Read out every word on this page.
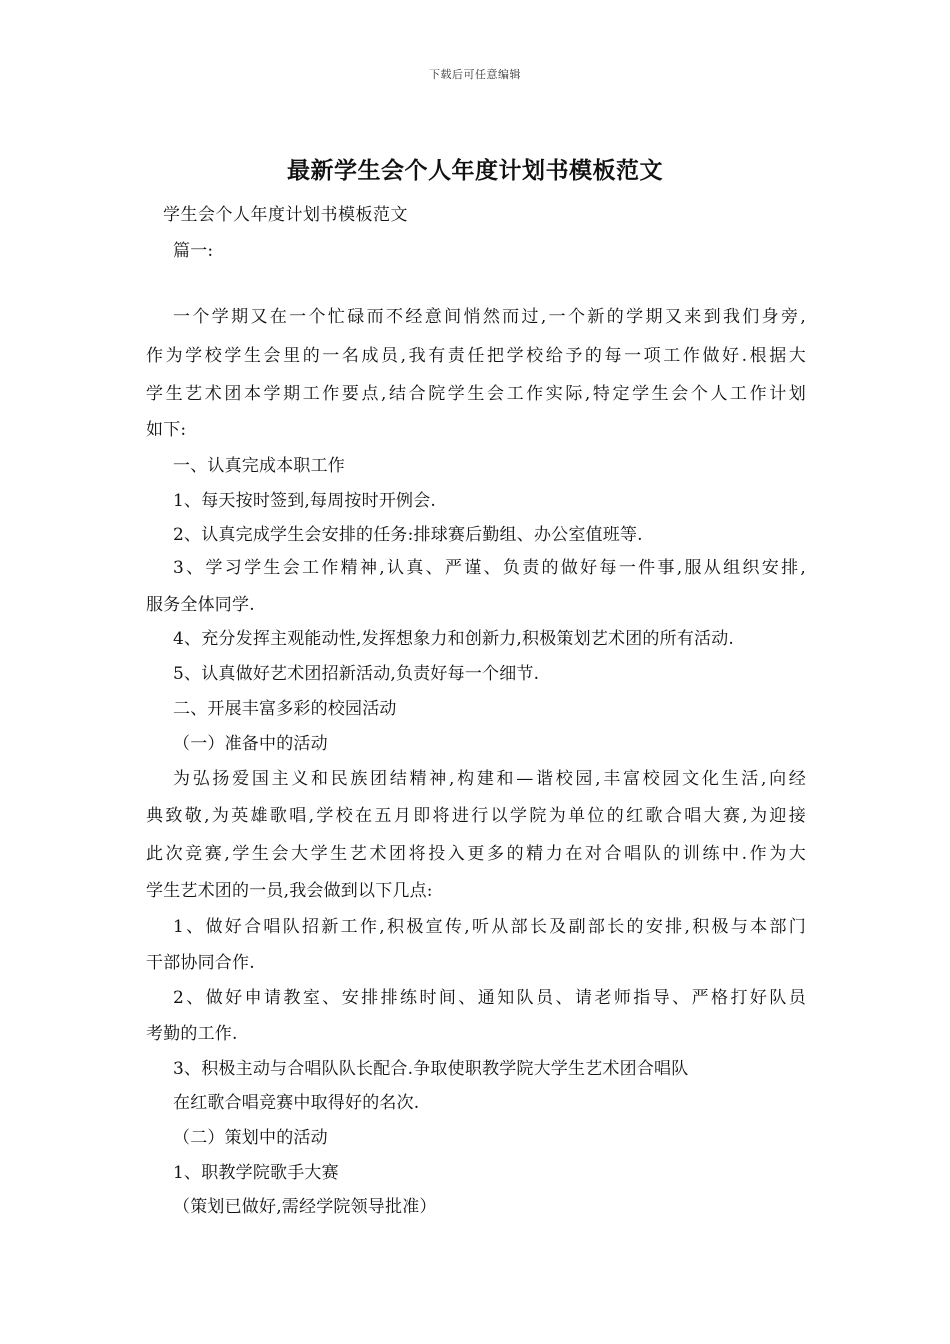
下载后可任意编辑
最新学生会个人年度计划书模板范文
学生会个人年度计划书模板范文
篇一:
一个学期又在一个忙碌而不经意间悄然而过,一个新的学期又来到我们身旁,
作为学校学生会里的一名成员,我有责任把学校给予的每一项工作做好.根据大
学生艺术团本学期工作要点,结合院学生会工作实际,特定学生会个人工作计划
如下:
一、认真完成本职工作
1、每天按时签到,每周按时开例会.
2、认真完成学生会安排的任务:排球赛后勤组、办公室值班等.
3、学习学生会工作精神,认真、严谨、负责的做好每一件事,服从组织安排,
服务全体同学.
4、充分发挥主观能动性,发挥想象力和创新力,积极策划艺术团的所有活动.
5、认真做好艺术团招新活动,负责好每一个细节.
二、开展丰富多彩的校园活动
（一）准备中的活动
为弘扬爱国主义和民族团结精神,构建和—谐校园,丰富校园文化生活,向经
典致敬,为英雄歌唱,学校在五月即将进行以学院为单位的红歌合唱大赛,为迎接
此次竞赛,学生会大学生艺术团将投入更多的精力在对合唱队的训练中.作为大
学生艺术团的一员,我会做到以下几点:
1、做好合唱队招新工作,积极宣传,听从部长及副部长的安排,积极与本部门
干部协同合作.
2、做好申请教室、安排排练时间、通知队员、请老师指导、严格打好队员
考勤的工作.
3、积极主动与合唱队队长配合.争取使职教学院大学生艺术团合唱队
在红歌合唱竞赛中取得好的名次.
（二）策划中的活动
1、职教学院歌手大赛
（策划已做好,需经学院领导批准）
